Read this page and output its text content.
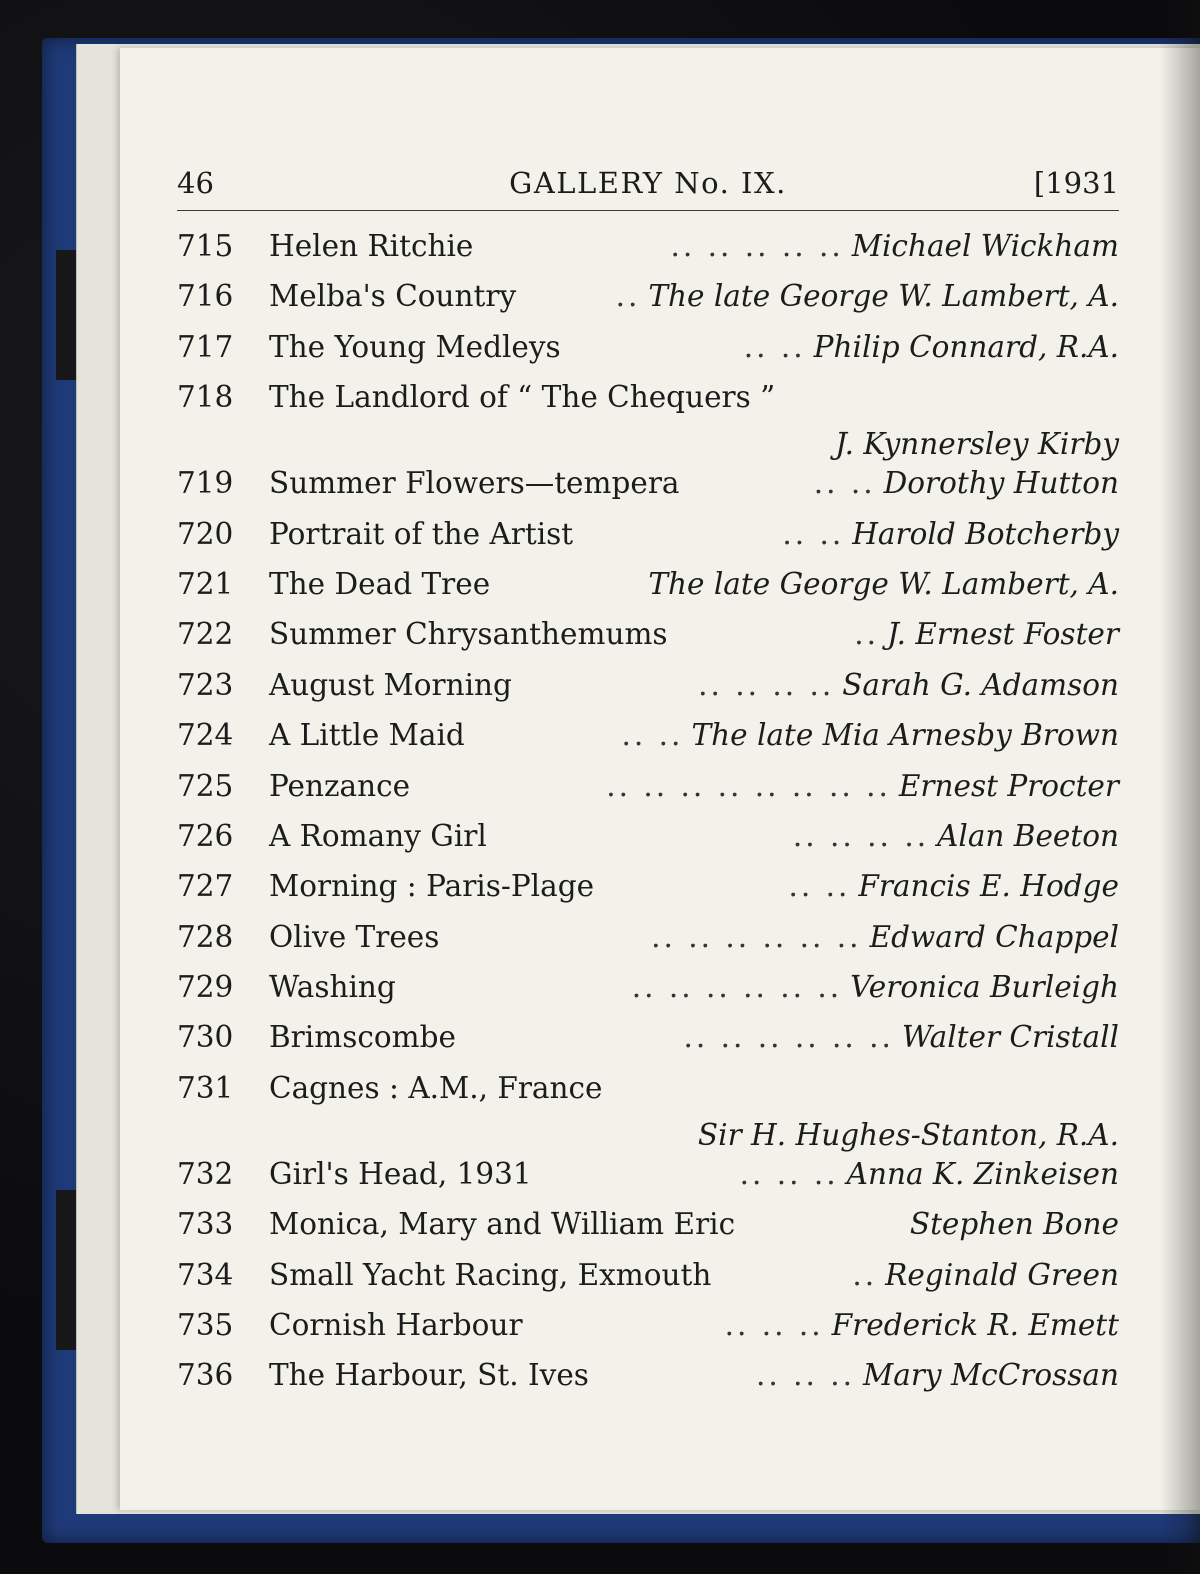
46	GALLERY No. IX.	[1931
715	Helen Ritchie	.. .. .. .. .. Michael Wickham
716	Melba's Country	.. The late George W. Lambert, A.
717	The Young Medleys	.. .. Philip Connard, R.A.
718	The Landlord of “ The Chequers ”
J. Kynnersley Kirby
719	Summer Flowers—tempera	.. .. Dorothy Hutton
720	Portrait of the Artist	.. .. Harold Botcherby
721	The Dead Tree	The late George W. Lambert, A.
722	Summer Chrysanthemums	.. J. Ernest Foster
723	August Morning	.. .. .. .. Sarah G. Adamson
724	A Little Maid	.. .. The late Mia Arnesby Brown
725	Penzance	.. .. .. .. .. .. .. .. Ernest Procter
726	A Romany Girl	.. .. .. .. Alan Beeton
727	Morning : Paris-Plage	.. .. Francis E. Hodge
728	Olive Trees	.. .. .. .. .. .. Edward Chappel
729	Washing	.. .. .. .. .. .. Veronica Burleigh
730	Brimscombe	.. .. .. .. .. .. Walter Cristall
731	Cagnes : A.M., France
Sir H. Hughes-Stanton, R.A.
732	Girl's Head, 1931	.. .. .. Anna K. Zinkeisen
733	Monica, Mary and William Eric	Stephen Bone
734	Small Yacht Racing, Exmouth	.. Reginald Green
735	Cornish Harbour	.. .. .. Frederick R. Emett
736	The Harbour, St. Ives	.. .. .. Mary McCrossan
